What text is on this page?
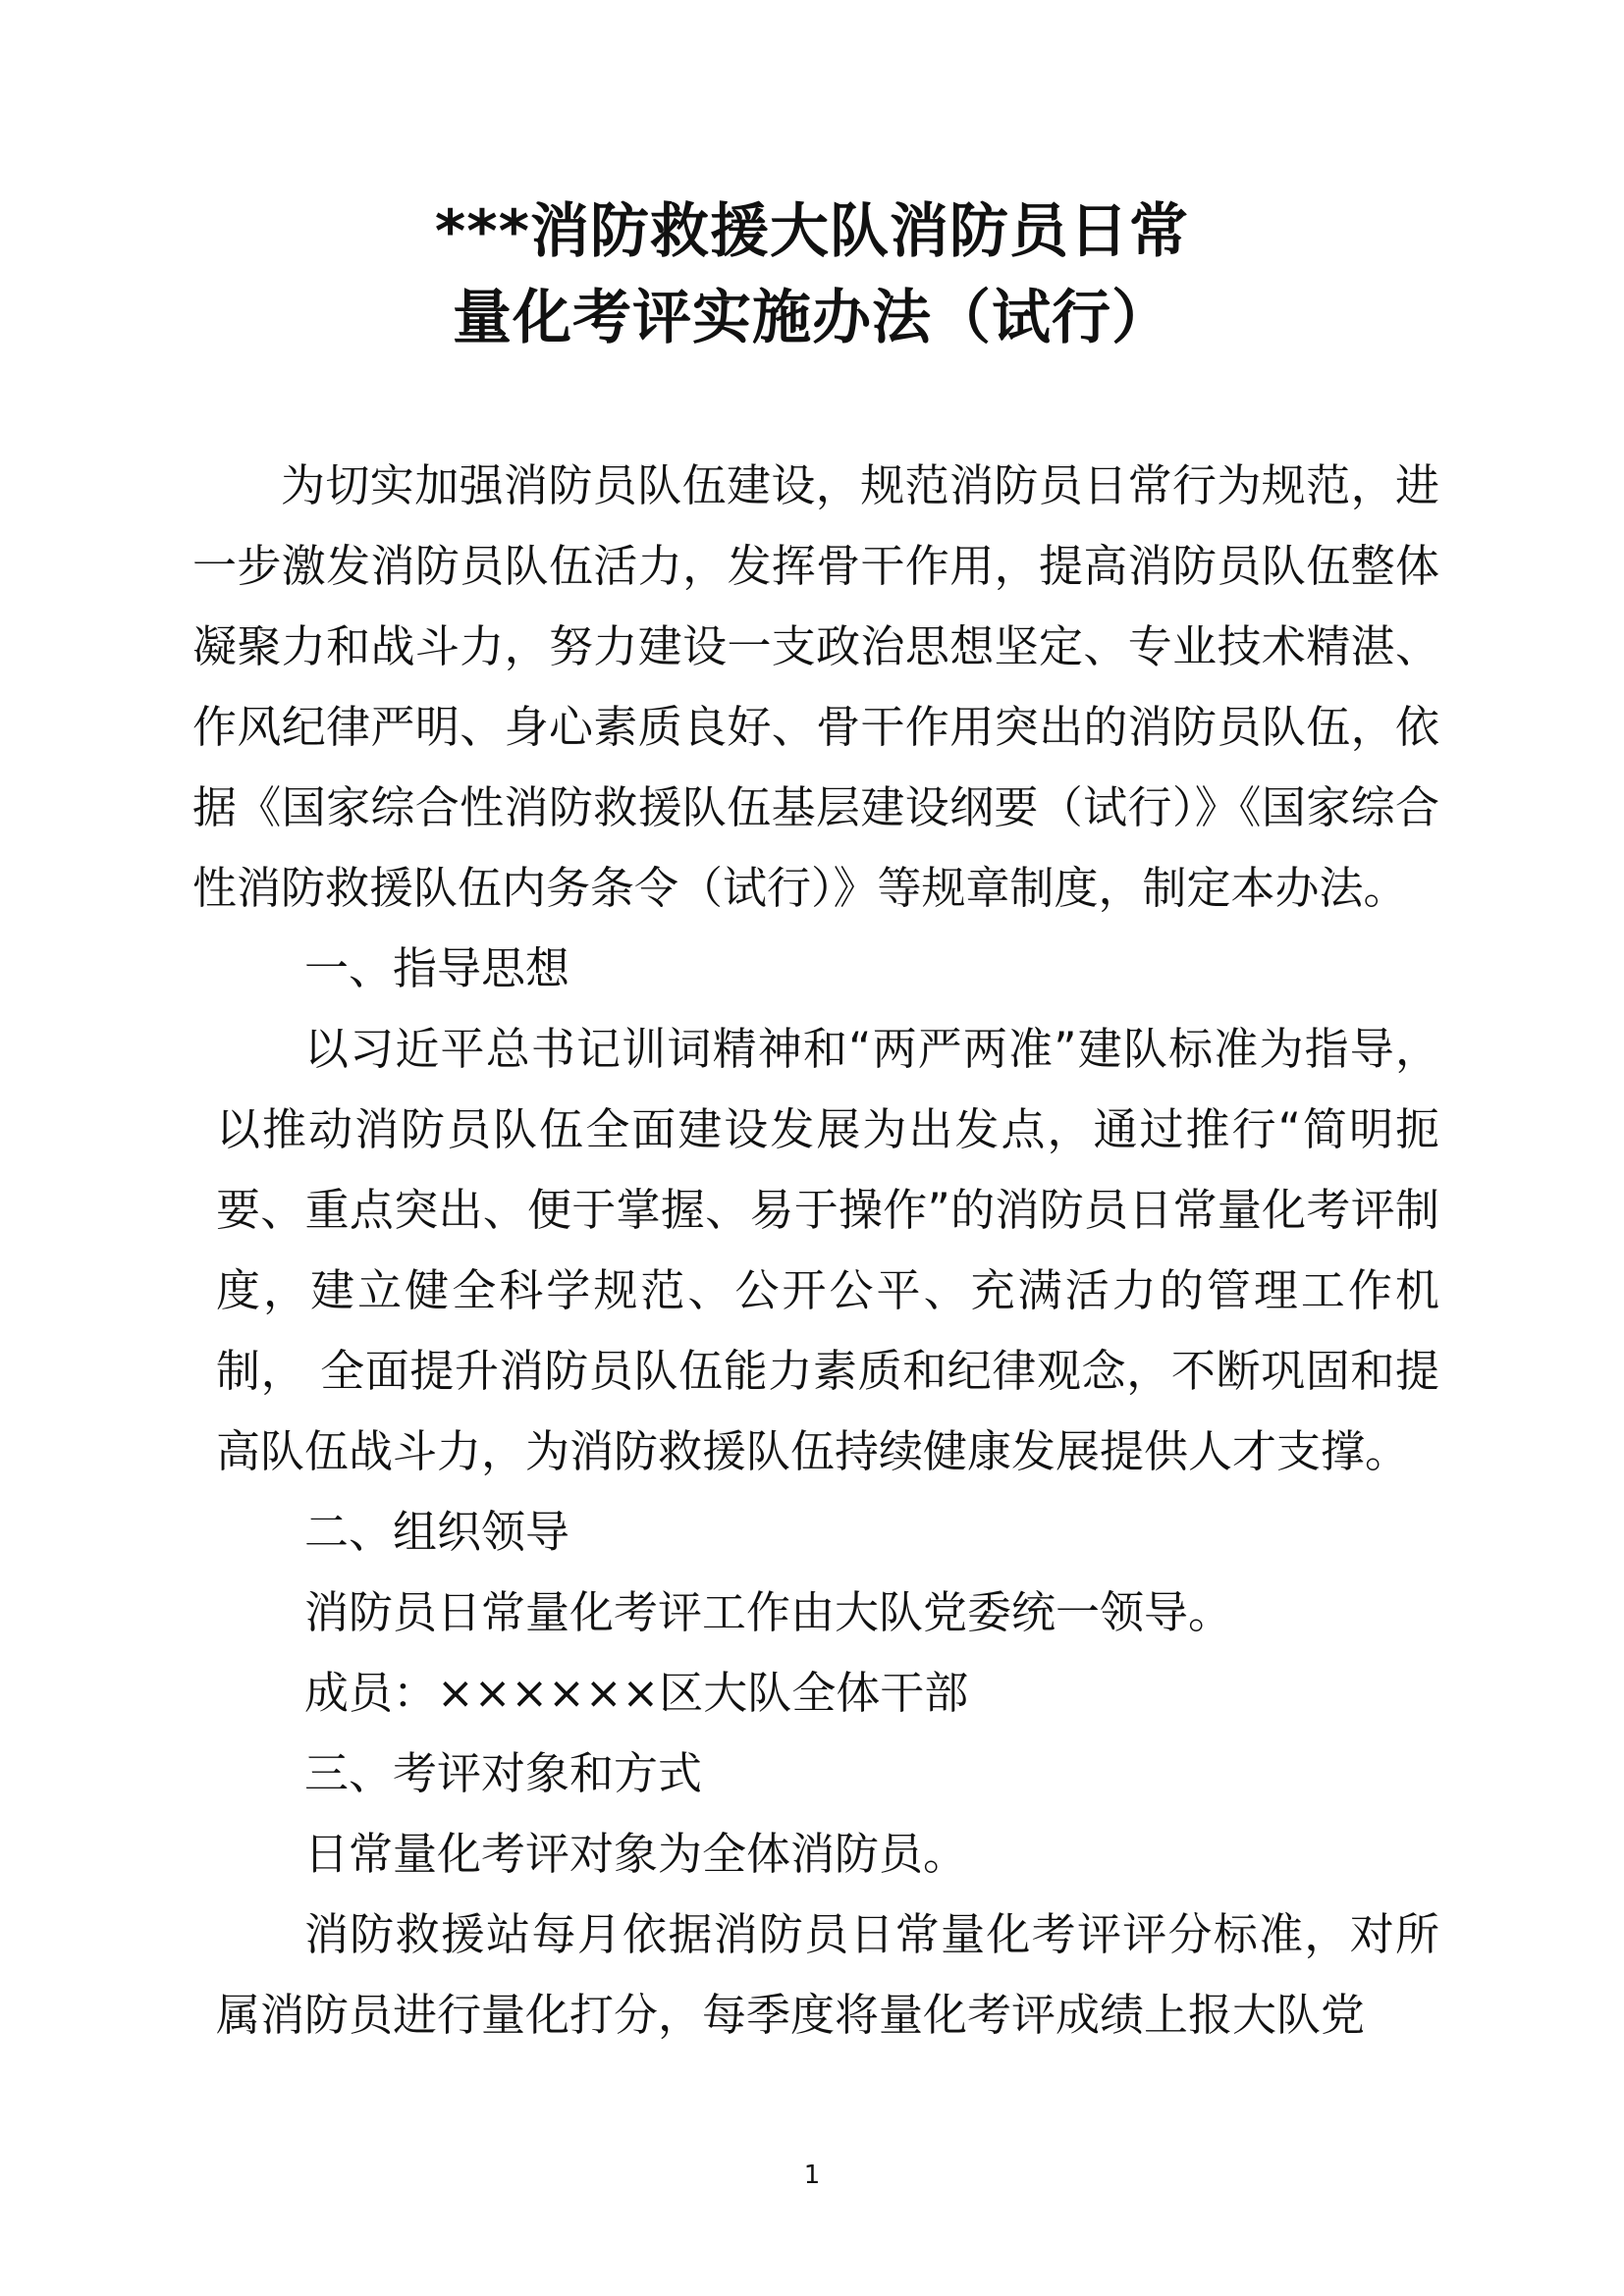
***消防救援大队消防员日常
量化考评实施办法（试行）

为切实加强消防员队伍建设，规范消防员日常行为规范，进一步激发消防员队伍活力，发挥骨干作用，提高消防员队伍整体凝聚力和战斗力，努力建设一支政治思想坚定、专业技术精湛、作风纪律严明、身心素质良好、骨干作用突出的消防员队伍，依据《国家综合性消防救援队伍基层建设纲要（试行）》《国家综合性消防救援队伍内务条令（试行）》等规章制度，制定本办法。

一、指导思想

以习近平总书记训词精神和“两严两准”建队标准为指导，以推动消防员队伍全面建设发展为出发点，通过推行“简明扼要、重点突出、便于掌握、易于操作”的消防员日常量化考评制度，建立健全科学规范、公开公平、充满活力的管理工作机制， 全面提升消防员队伍能力素质和纪律观念，不断巩固和提高队伍战斗力，为消防救援队伍持续健康发展提供人才支撑。

二、组织领导

消防员日常量化考评工作由大队党委统一领导。

成员：××××××区大队全体干部

三、考评对象和方式

日常量化考评对象为全体消防员。

消防救援站每月依据消防员日常量化考评评分标准，对所属消防员进行量化打分，每季度将量化考评成绩上报大队党

1
